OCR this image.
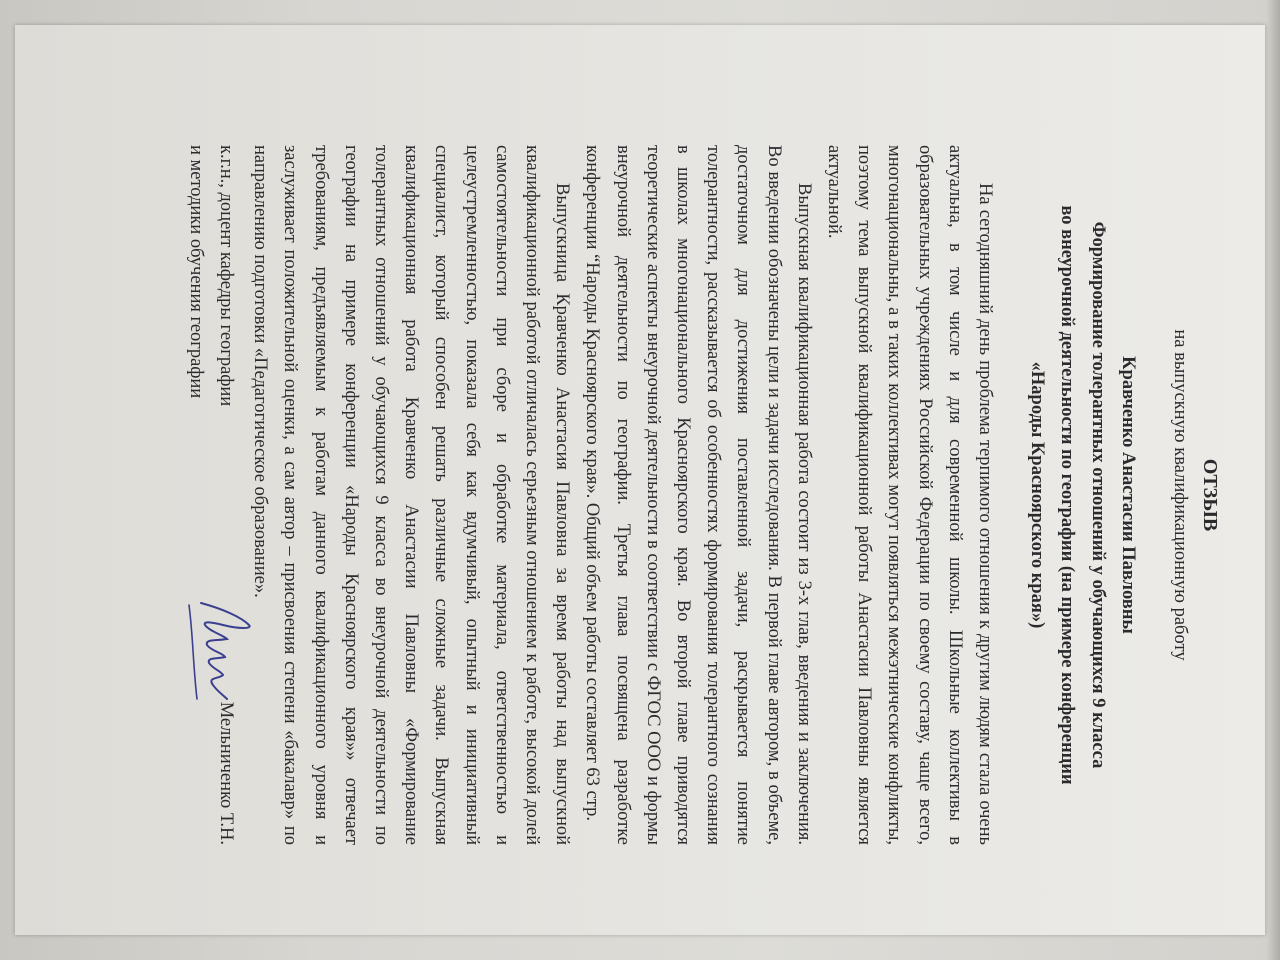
ОТЗЫВ
на выпускную квалификационную работу
Кравченко Анастасии Павловны
Формирование толерантных отношений у обучающихся 9 класса
во внеурочной деятельности по географии (на примере конференции
«Народы Красноярского края»)

На сегодняшний день проблема терпимого отношения к другим людям стала очень актуальна, в том числе и для современной школы. Школьные коллективы в образовательных учреждениях Российской Федерации по своему составу, чаще всего, многонациональны, а в таких коллективах могут появляться межэтнические конфликты, поэтому тема выпускной квалификационной работы Анастасии Павловны является актуальной.

Выпускная квалификационная работа состоит из 3-х глав, введения и заключения. Во введении обозначены цели и задачи исследования. В первой главе автором, в объеме, достаточном для достижения поставленной задачи, раскрывается понятие толерантности, рассказывается об особенностях формирования толерантного сознания в школах многонационального Красноярского края. Во второй главе приводятся теоретические аспекты внеурочной деятельности в соответствии с ФГОС ООО и формы внеурочной деятельности по географии. Третья глава посвящена разработке конференции “Народы Красноярского края». Общий объем работы составляет 63 стр.

Выпускница Кравченко Анастасия Павловна за время работы над выпускной квалификационной работой отличалась серьезным отношением к работе, высокой долей самостоятельности при сборе и обработке материала, ответственностью и целеустремленностью, показала себя как вдумчивый, опытный и инициативный специалист, который способен решать различные сложные задачи. Выпускная квалификационная работа Кравченко Анастасии Павловны «Формирование толерантных отношений у обучающихся 9 класса во внеурочной деятельности по географии на примере конференции «Народы Красноярского края»» отвечает требованиям, предъявляемым к работам данного квалификационного уровня и заслуживает положительной оценки, а сам автор – присвоения степени «бакалавр» по направлению подготовки «Педагогическое образование».

к.г.н., доцент кафедры географии
и методики обучения географии
Мельниченко Т.Н.
